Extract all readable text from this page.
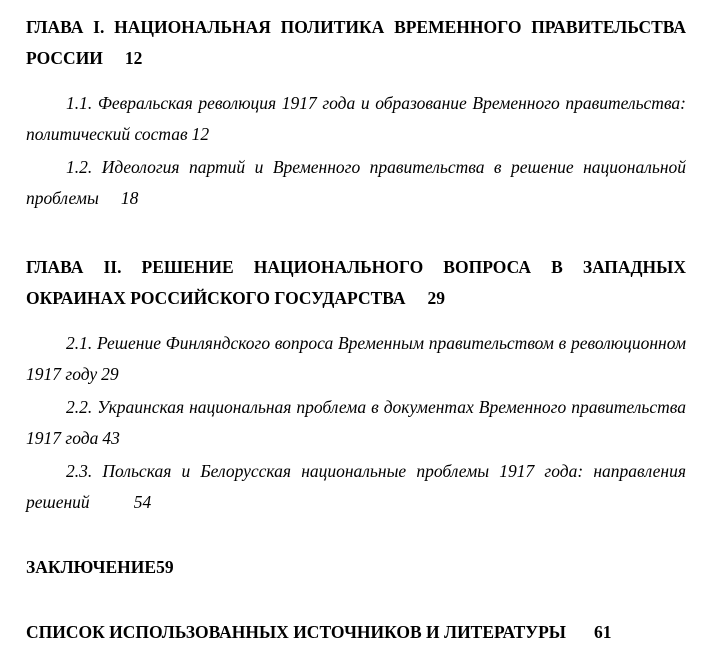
ГЛАВА I. НАЦИОНАЛЬНАЯ ПОЛИТИКА ВРЕМЕННОГО ПРАВИТЕЛЬСТВА РОССИИ 12

1.1. Февральская революция 1917 года и образование Временного правительства: политический состав 12

1.2. Идеология партий и Временного правительства в решение национальной проблемы 18

ГЛАВА II. РЕШЕНИЕ НАЦИОНАЛЬНОГО ВОПРОСА В ЗАПАДНЫХ ОКРАИНАХ РОССИЙСКОГО ГОСУДАРСТВА 29

2.1. Решение Финляндского вопроса Временным правительством в революционном 1917 году 29

2.2. Украинская национальная проблема в документах Временного правительства 1917 года 43

2.3. Польская и Белорусская национальные проблемы 1917 года: направления решений	54

ЗАКЛЮЧЕНИЕ59

СПИСОК ИСПОЛЬЗОВАННЫХ ИСТОЧНИКОВ И ЛИТЕРАТУРЫ 61
